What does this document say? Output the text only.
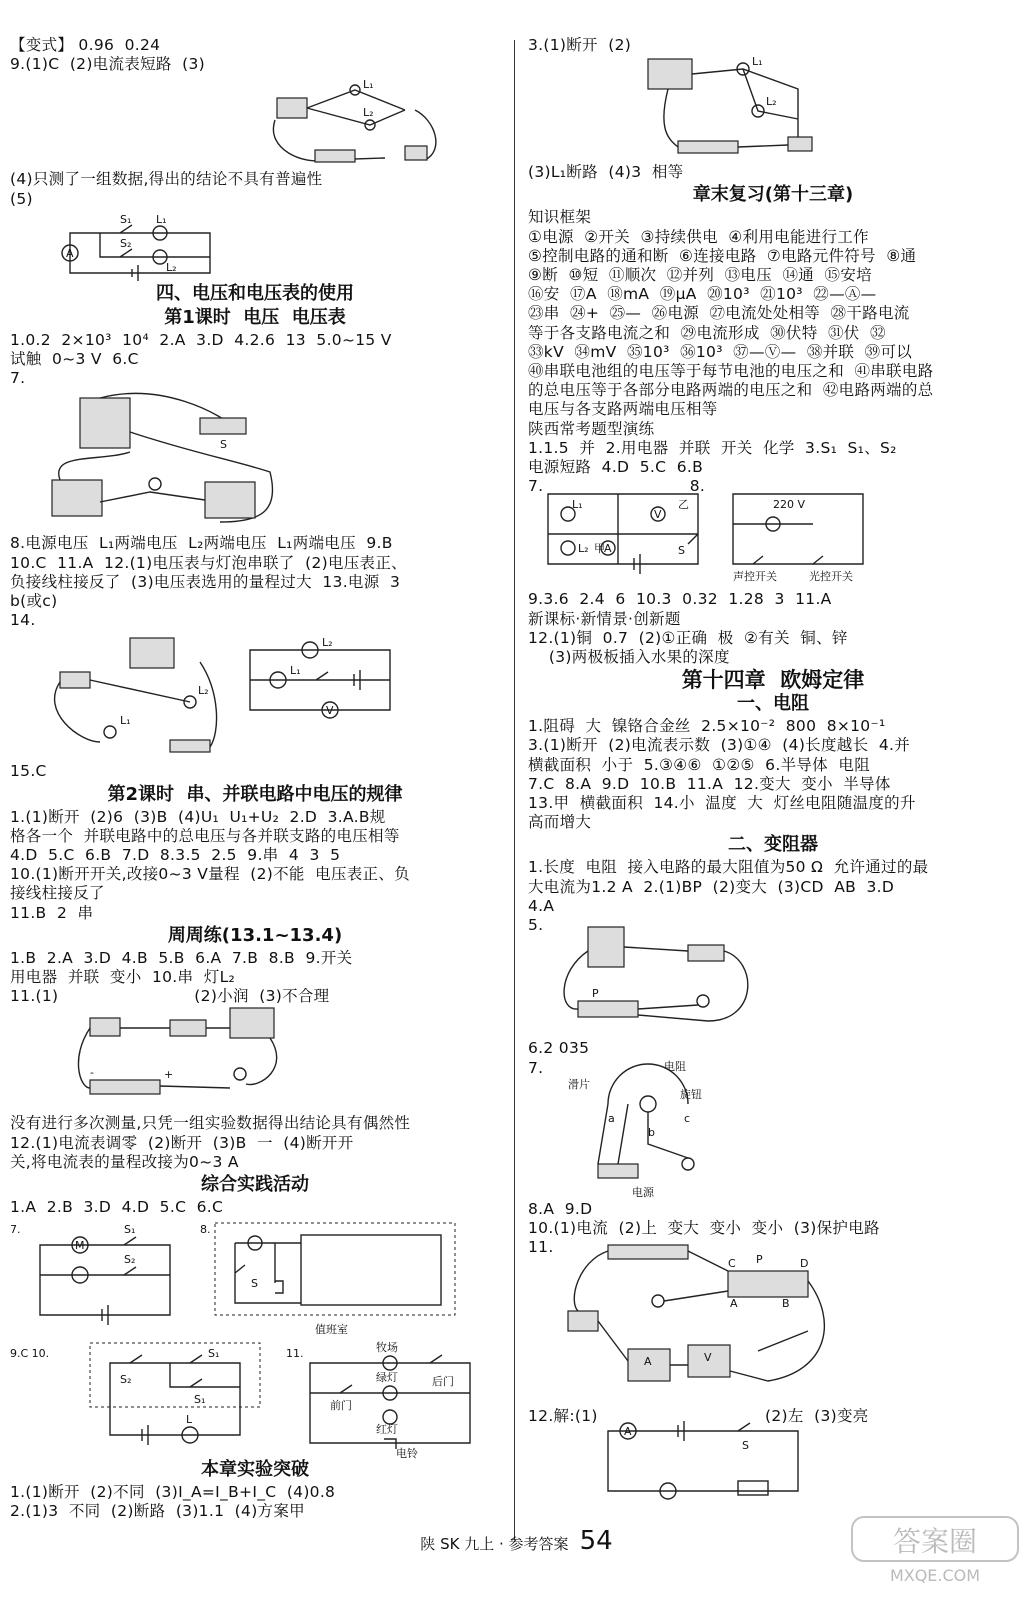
【变式】 0.96  0.24
9.(1)C  (2)电流表短路  (3)
L₁
L₂
(4)只测了一组数据,得出的结论不具有普遍性
(5)
A
S₁ L₁
S₂
L₂
四、电压和电压表的使用
第1课时  电压  电压表
1.0.2  2×10³  10⁴  2.A  3.D  4.2.6  13  5.0~15 V
试触  0~3 V  6.C
7.
S
8.电源电压  L₁两端电压  L₂两端电压  L₁两端电压  9.B
10.C  11.A  12.(1)电压表与灯泡串联了  (2)电压表正、
负接线柱接反了  (3)电压表选用的量程过大  13.电源  3
b(或c)
14.
L₁
L₂
L₂
L₁
V
15.C
第2课时  串、并联电路中电压的规律
1.(1)断开  (2)6  (3)B  (4)U₁  U₁+U₂  2.D  3.A.B规
格各一个  并联电路中的总电压与各并联支路的电压相等
4.D  5.C  6.B  7.D  8.3.5  2.5  9.串  4  3  5
10.(1)断开开关,改接0~3 V量程  (2)不能  电压表正、负
接线柱接反了
11.B  2  串
周周练(13.1~13.4)
1.B  2.A  3.D  4.B  5.B  6.A  7.B  8.B  9.开关
用电器  并联  变小  10.串  灯L₂
11.(1)                          (2)小润  (3)不合理
-	+
没有进行多次测量,只凭一组实验数据得出结论具有偶然性
12.(1)电流表调零  (2)断开  (3)B  一  (4)断开开
关,将电流表的量程改接为0~3 A
综合实践活动
1.A  2.B  3.D  4.D  5.C  6.C
7.
M
S₁
S₂
8.
S
值班室
9.C 10.	S₁
S₂
S₁
L
11.	牧场
绿灯
红灯
后门
前门
电铃
本章实验突破
1.(1)断开  (2)不同  (3)I_A=I_B+I_C  (4)0.8
2.(1)3  不同  (2)断路  (3)1.1  (4)方案甲
3.(1)断开  (2)
L₁
L₂
(3)L₁断路  (4)3  相等
章末复习(第十三章)
知识框架
①电源  ②开关  ③持续供电  ④利用电能进行工作
⑤控制电路的通和断  ⑥连接电路  ⑦电路元件符号  ⑧通
⑨断  ⑩短  ⑪顺次  ⑫并列  ⑬电压  ⑭通  ⑮安培
⑯安  ⑰A  ⑱mA  ⑲μA  ⑳10³  ㉑10³  ㉒—Ⓐ—
㉓串  ㉔+  ㉕—  ㉖电源  ㉗电流处处相等  ㉘干路电流
等于各支路电流之和  ㉙电流形成  ㉚伏特  ㉛伏  ㉜
㉝kV  ㉞mV  ㉟10³  ㊱10³  ㊲—Ⓥ—  ㊳并联  ㊴可以
㊵串联电池组的电压等于每节电池的电压之和  ㊶串联电路
的总电压等于各部分电路两端的电压之和  ㊷电路两端的总
电压与各支路两端电压相等
陕西常考题型演练
1.1.5  并  2.用电器  并联  开关  化学  3.S₁  S₁、S₂
电源短路  4.D  5.C  6.B
7.                            8.
L₁	乙
V
L₂ 甲 A	S
220 V
声控开关	光控开关
9.3.6  2.4  6  10.3  0.32  1.28  3  11.A
新课标·新情景·创新题
12.(1)铜  0.7  (2)①正确  极  ②有关  铜、锌
(3)两极板插入水果的深度
第十四章  欧姆定律
一、电阻
1.阻碍  大  镍铬合金丝  2.5×10⁻²  800  8×10⁻¹
3.(1)断开  (2)电流表示数  (3)①④  (4)长度越长  4.并
横截面积  小于  5.③④⑥  ①②⑤  6.半导体  电阻
7.C  8.A  9.D  10.B  11.A  12.变大  变小  半导体
13.甲  横截面积  14.小  温度  大  灯丝电阻随温度的升
高而增大
二、变阻器
1.长度  电阻  接入电路的最大阻值为50 Ω  允许通过的最
大电流为1.2 A  2.(1)BP  (2)变大  (3)CD  AB  3.D
4.A
5.
P
6.2 035
7.	电阻
滑片
旋钮
a
b
c
电源
8.A  9.D
10.(1)电流  (2)上  变大  变小  变小  (3)保护电路
11.
C P	D
A	B
A	V
12.解:(1)                                (2)左  (3)变亮
A
S
陕 SK 九上 · 参考答案 54	答案圈
MXQE.COM
